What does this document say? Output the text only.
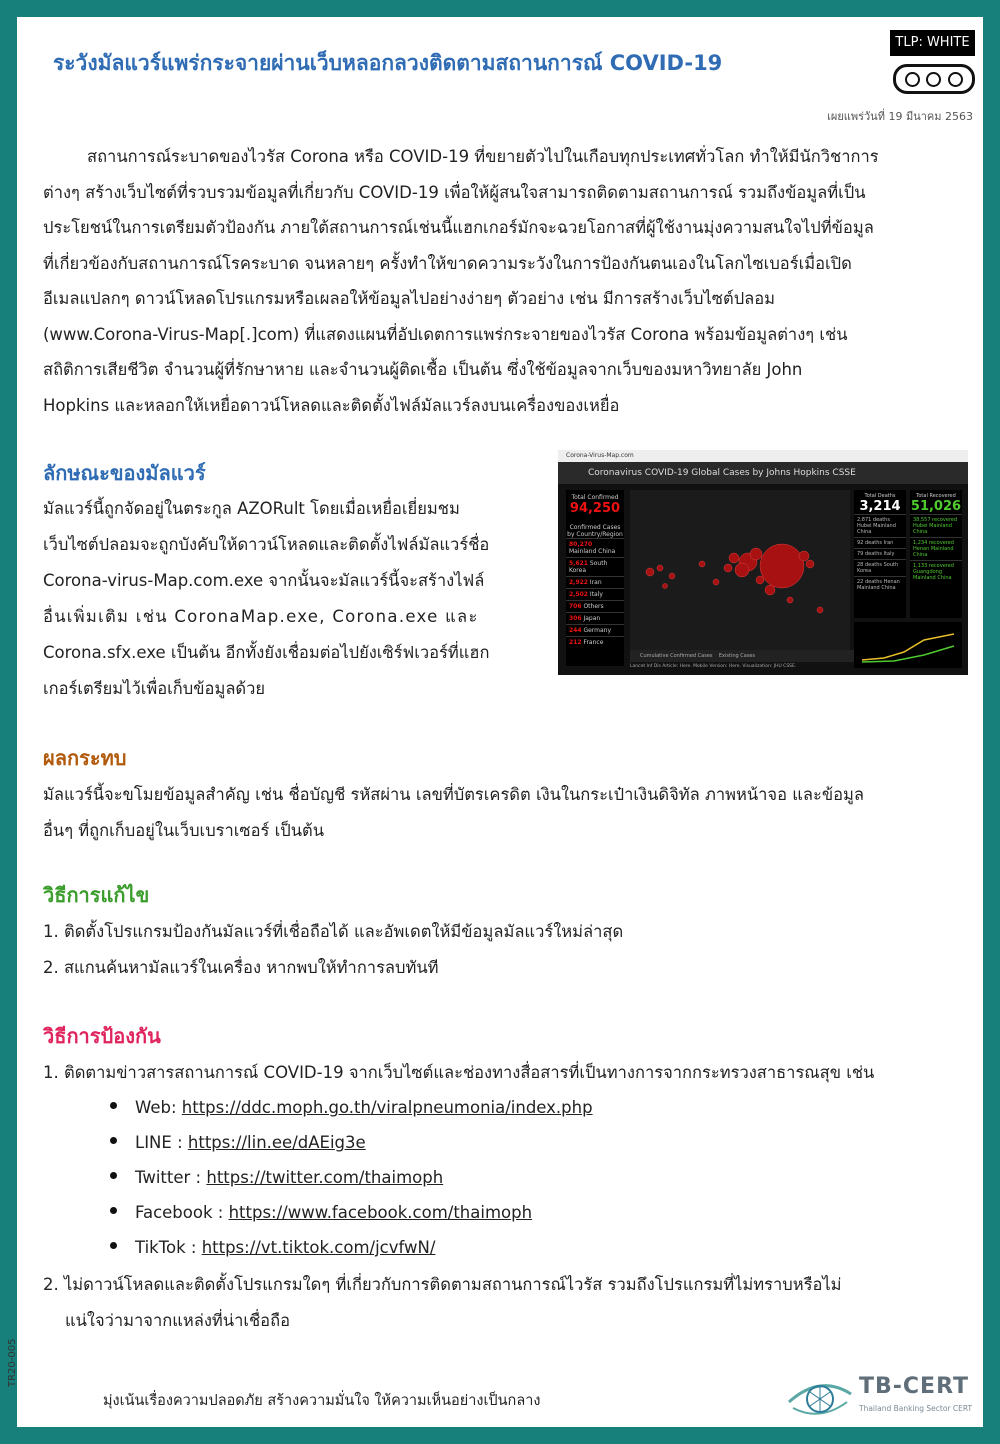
ระวังมัลแวร์แพร่กระจายผ่านเว็บหลอกลวงติดตามสถานการณ์ COVID-19
TLP: WHITE
เผยแพร่วันที่ 19 มีนาคม 2563
สถานการณ์ระบาดของไวรัส Corona หรือ COVID-19 ที่ขยายตัวไปในเกือบทุกประเทศทั่วโลก ทำให้มีนักวิชาการ
ต่างๆ สร้างเว็บไซต์ที่รวบรวมข้อมูลที่เกี่ยวกับ COVID-19 เพื่อให้ผู้สนใจสามารถติดตามสถานการณ์ รวมถึงข้อมูลที่เป็น
ประโยชน์ในการเตรียมตัวป้องกัน ภายใต้สถานการณ์เช่นนี้แฮกเกอร์มักจะฉวยโอกาสที่ผู้ใช้งานมุ่งความสนใจไปที่ข้อมูล
ที่เกี่ยวข้องกับสถานการณ์โรคระบาด จนหลายๆ ครั้งทำให้ขาดความระวังในการป้องกันตนเองในโลกไซเบอร์เมื่อเปิด
อีเมลแปลกๆ ดาวน์โหลดโปรแกรมหรือเผลอให้ข้อมูลไปอย่างง่ายๆ ตัวอย่าง เช่น มีการสร้างเว็บไซต์ปลอม
(www.Corona-Virus-Map[.]com) ที่แสดงแผนที่อัปเดตการแพร่กระจายของไวรัส Corona พร้อมข้อมูลต่างๆ เช่น
สถิติการเสียชีวิต จำนวนผู้ที่รักษาหาย และจำนวนผู้ติดเชื้อ เป็นต้น ซึ่งใช้ข้อมูลจากเว็บของมหาวิทยาลัย John
Hopkins และหลอกให้เหยื่อดาวน์โหลดและติดตั้งไฟล์มัลแวร์ลงบนเครื่องของเหยื่อ
ลักษณะของมัลแวร์
มัลแวร์นี้ถูกจัดอยู่ในตระกูล AZORult โดยเมื่อเหยื่อเยี่ยมชม
เว็บไซต์ปลอมจะถูกบังคับให้ดาวน์โหลดและติดตั้งไฟล์มัลแวร์ชื่อ
Corona-virus-Map.com.exe จากนั้นจะมัลแวร์นี้จะสร้างไฟล์
อื่นเพิ่มเติม เช่น CoronaMap.exe, Corona.exe และ
Corona.sfx.exe เป็นต้น อีกทั้งยังเชื่อมต่อไปยังเซิร์ฟเวอร์ที่แฮก
เกอร์เตรียมไว้เพื่อเก็บข้อมูลด้วย
Corona-Virus-Map.com
Coronavirus COVID-19 Global Cases by Johns Hopkins CSSE
Total Confirmed
94,250
Confirmed Cases by Country/Region
80,270 Mainland China
5,621 South Korea
2,922 Iran
2,502 Italy
706 Others
306 Japan
244 Germany
212 France
Cumulative Confirmed Cases Existing Cases
Total Deaths
3,214
2,871 deaths Hubei Mainland China
92 deaths Iran
79 deaths Italy
28 deaths South Korea
22 deaths Henan Mainland China
Total Recovered
51,026
38,557 recovered Hubei Mainland China
1,234 recovered Henan Mainland China
1,133 recovered Guangdong Mainland China
Lancet Inf Dis Article: Here. Mobile Version: Here. Visualization: JHU CSSE.
ผลกระทบ
มัลแวร์นี้จะขโมยข้อมูลสำคัญ เช่น ชื่อบัญชี รหัสผ่าน เลขที่บัตรเครดิต เงินในกระเป๋าเงินดิจิทัล ภาพหน้าจอ และข้อมูล
อื่นๆ ที่ถูกเก็บอยู่ในเว็บเบราเซอร์ เป็นต้น
วิธีการแก้ไข
1. ติดตั้งโปรแกรมป้องกันมัลแวร์ที่เชื่อถือได้ และอัพเดตให้มีข้อมูลมัลแวร์ใหม่ล่าสุด
2. สแกนค้นหามัลแวร์ในเครื่อง หากพบให้ทำการลบทันที
วิธีการป้องกัน
1. ติดตามข่าวสารสถานการณ์ COVID-19 จากเว็บไซต์และช่องทางสื่อสารที่เป็นทางการจากกระทรวงสาธารณสุข เช่น
Web: https://ddc.moph.go.th/viralpneumonia/index.php
LINE : https://lin.ee/dAEig3e
Twitter : https://twitter.com/thaimoph
Facebook : https://www.facebook.com/thaimoph
TikTok : https://vt.tiktok.com/jcvfwN/
2. ไม่ดาวน์โหลดและติดตั้งโปรแกรมใดๆ ที่เกี่ยวกับการติดตามสถานการณ์ไวรัส รวมถึงโปรแกรมที่ไม่ทราบหรือไม่
แน่ใจว่ามาจากแหล่งที่น่าเชื่อถือ
TR20-005
มุ่งเน้นเรื่องความปลอดภัย สร้างความมั่นใจ ให้ความเห็นอย่างเป็นกลาง
TB-CERT
Thailand Banking Sector CERT
